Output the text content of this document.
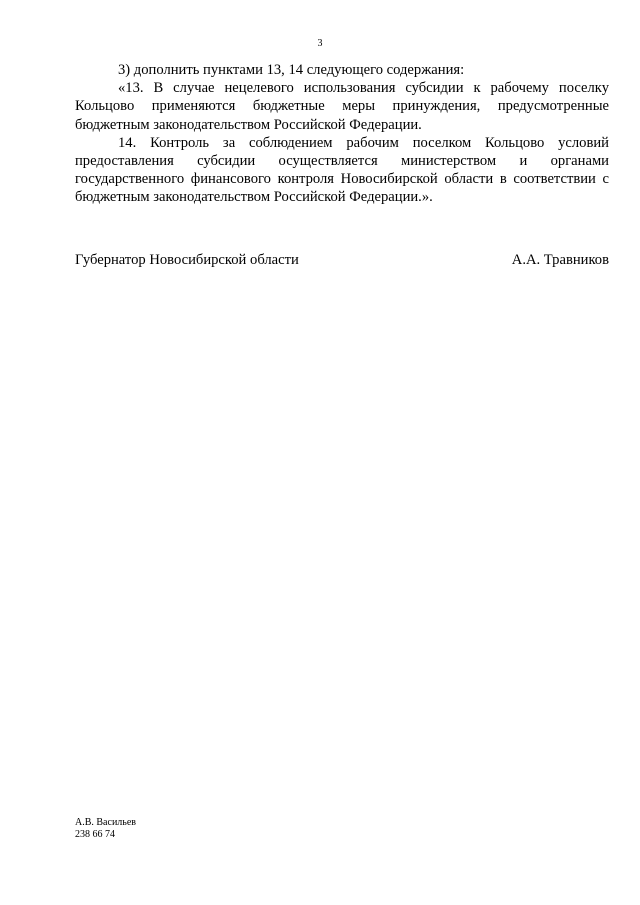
3

3) дополнить пунктами 13, 14 следующего содержания:

«13. В случае нецелевого использования субсидии к рабочему поселку Кольцово применяются бюджетные меры принуждения, предусмотренные бюджетным законодательством Российской Федерации.

14. Контроль за соблюдением рабочим поселком Кольцово условий предоставления субсидии осуществляется министерством и органами государственного финансового контроля Новосибирской области в соответствии с бюджетным законодательством Российской Федерации.».

Губернатор Новосибирской области	А.А. Травников
А.В. Васильев
238 66 74
